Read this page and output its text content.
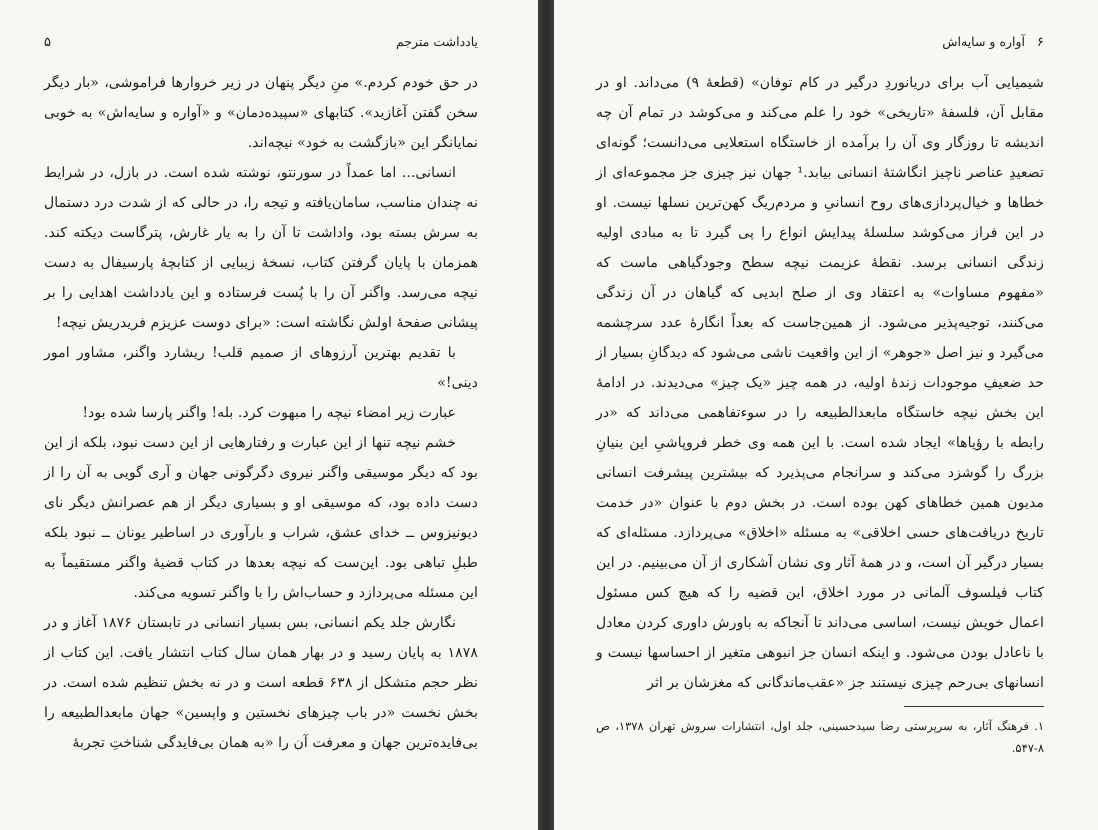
یادداشت مترجم
۵

در حق خودم کردم.» منِ دیگر پنهان در زیر خروارها فراموشی، «بار دیگر سخن گفتن آغازید». کتابهای «سپیده‌دمان» و «آواره و سایه‌اش» به خوبی نمایانگر این «بازگشت به خود» نیچه‌اند.

انسانی... اما عمداً در سورنتو، نوشته شده است. در بازل، در شرایط نه چندان مناسب، سامان‌یافته و تیجه را، در حالی که از شدت درد دستمال به سرش بسته بود، واداشت تا آن را به یار غارش، پترگاست دیکته کند. همزمان با پایان گرفتن کتاب، نسخهٔ زیبایی از کتابچهٔ پارسیفال به دست نیچه می‌رسد. واگنر آن را با پُست فرستاده و این یادداشت اهدایی را بر پیشانی صفحهٔ اولش نگاشته است: «برای دوست عزیزم فریدریش نیچه!

با تقدیم بهترین آرزوهای از صمیم قلب! ریشارد واگنر، مشاور امور دینی!»

عبارت زیر امضاء نیچه را مبهوت کرد. بله! واگنر پارسا شده بود!

خشم نیچه تنها از این عبارت و رفتارهایی از این دست نبود، بلکه از این بود که دیگر موسیقی واگنر نیروی دگرگونی جهان و آری گویی به آن را از دست داده بود، که موسیقی او و بسیاری دیگر از هم عصرانش دیگر نای دیونیزوس ــ خدای عشق، شراب و بارآوری در اساطیر یونان ــ نبود بلکه طبلِ تباهی بود. این‌ست که نیچه بعدها در کتاب قضیهٔ واگنر مستقیماً به این مسئله می‌پردازد و حساب‌اش را با واگنر تسویه می‌کند.

نگارش جلد یکم انسانی، بس بسیار انسانی در تابستان ۱۸۷۶ آغاز و در ۱۸۷۸ به پایان رسید و در بهار همان سال کتاب انتشار یافت. این کتاب از نظر حجم متشکل از ۶۳۸ قطعه است و در نه بخش تنظیم شده است. در بخش نخست «در باب چیزهای نخستین و واپسین» جهان مابعدالطبیعه را بی‌فایده‌ترین جهان و معرفت آن را «به همان بی‌فایدگی شناختِ تجربهٔ

۶
آواره و سایه‌اش

شیمیایی آب برای دریانوردِ درگیر در کام توفان» (قطعهٔ ۹) می‌داند. او در مقابل آن، فلسفهٔ «تاریخی» خود را علم می‌کند و می‌کوشد در تمام آن چه اندیشه تا روزگار وی آن را برآمده از خاستگاه استعلایی می‌دانست؛ گونه‌ای تصعیدِ عناصر ناچیز انگاشتهٔ انسانی بیابد.¹ جهان نیز چیزی جز مجموعه‌ای از خطاها و خیال‌پردازی‌های روح انسانیِ و مردم‌ریگ کهن‌ترین نسلها نیست. او در این فراز می‌کوشد سلسلهٔ پیدایش انواع را پی گیرد تا به مبادی اولیه زندگی انسانی برسد. نقطهٔ عزیمت نیچه سطح وجودگیاهی ماست که «مفهوم مساوات» به اعتقاد وی از صلح ابدیی که گیاهان در آن زندگی می‌کنند، توجیه‌پذیر می‌شود. از همین‌جاست که بعداً انگارهٔ عدد سرچشمه می‌گیرد و نیز اصل «جوهر» از این واقعیت ناشی می‌شود که دیدگانِ بسیار از حد ضعیفِ موجودات زندهٔ اولیه، در همه چیز «یک چیز» می‌دیدند. در ادامهٔ این بخش نیچه خاستگاه مابعدالطبیعه را در سوءتفاهمی می‌داند که «در رابطه با رؤیاها» ایجاد شده است. با این همه وی خطر فروپاشیِ این بنیانِ بزرگ را گوشزد می‌کند و سرانجام می‌پذیرد که بیشترین پیشرفت انسانی مدیون همین خطاهای کهن بوده است. در بخش دوم با عنوان «در خدمت تاریخ دریافت‌های حسی اخلاقی» به مسئله «اخلاق» می‌پردازد. مسئله‌ای که بسیار درگیر آن است، و در همهٔ آثار وی نشان آشکاری از آن می‌بینیم. در این کتاب فیلسوف آلمانی در مورد اخلاق، این قضیه را که هیچ کس مسئول اعمال خویش نیست، اساسی می‌داند تا آنجاکه به باورش داوری کردن معادل با ناعادل بودن می‌شود. و اینکه انسان جز انبوهی متغیر از احساسها نیست و انسانهای بی‌رحم چیزی نیستند جز «عقب‌ماندگانی که مغزشان بر اثر

۱. فرهنگ آثار، به سرپرستی رضا سیدحسینی، جلد اول، انتشارات سروش تهران ۱۳۷۸، ص ۸-۵۴۷.
